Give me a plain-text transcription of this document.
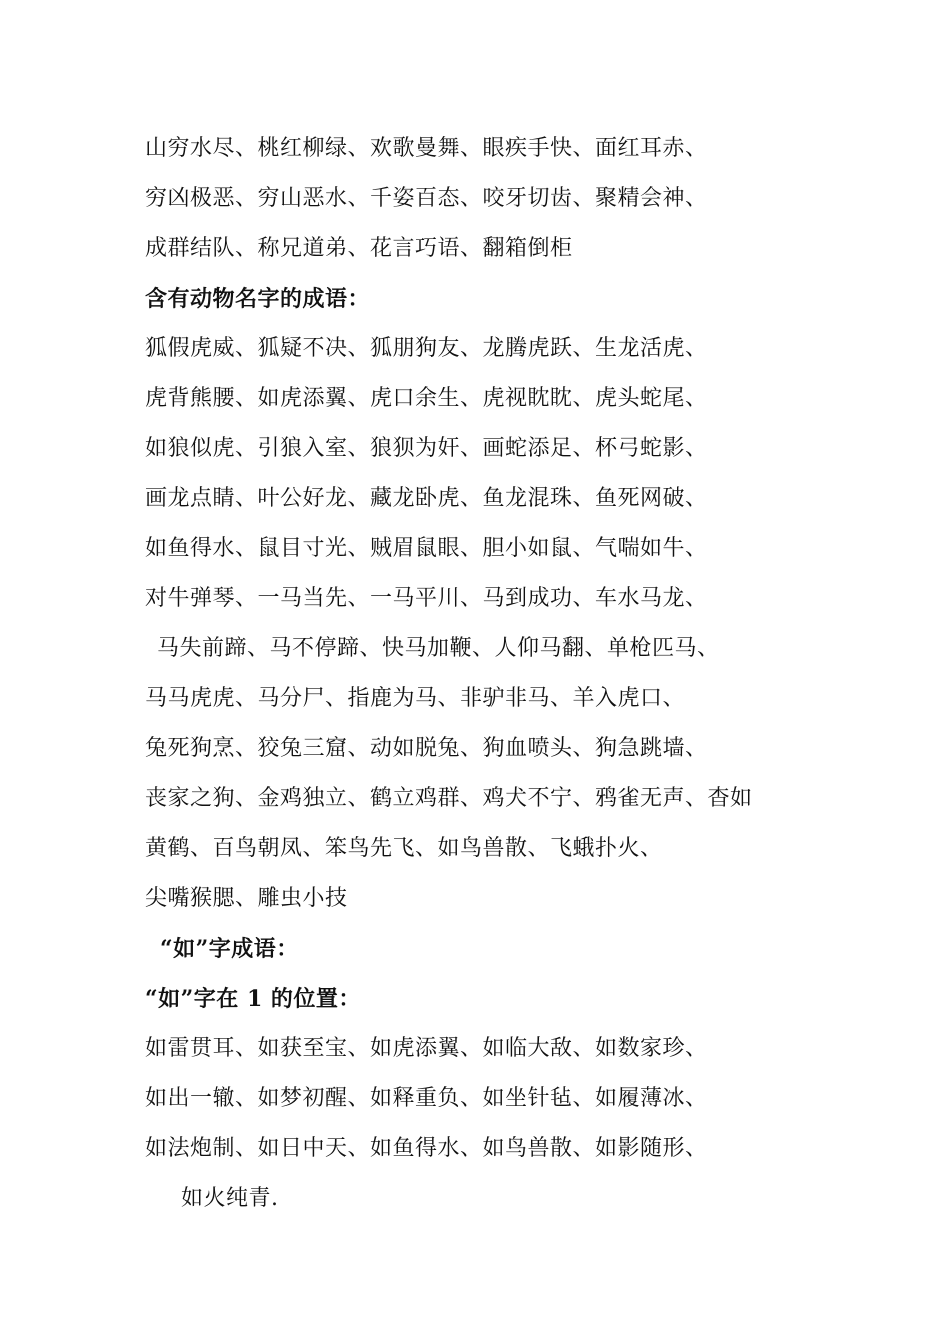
山穷水尽、桃红柳绿、欢歌曼舞、眼疾手快、面红耳赤、
穷凶极恶、穷山恶水、千姿百态、咬牙切齿、聚精会神、
成群结队、称兄道弟、花言巧语、翻箱倒柜
含有动物名字的成语：
狐假虎威、狐疑不决、狐朋狗友、龙腾虎跃、生龙活虎、
虎背熊腰、如虎添翼、虎口余生、虎视眈眈、虎头蛇尾、
如狼似虎、引狼入室、狼狈为奸、画蛇添足、杯弓蛇影、
画龙点睛、叶公好龙、藏龙卧虎、鱼龙混珠、鱼死网破、
如鱼得水、鼠目寸光、贼眉鼠眼、胆小如鼠、气喘如牛、
对牛弹琴、一马当先、一马平川、马到成功、车水马龙、
马失前蹄、马不停蹄、快马加鞭、人仰马翻、单枪匹马、
马马虎虎、马分尸、指鹿为马、非驴非马、羊入虎口、
兔死狗烹、狡兔三窟、动如脱兔、狗血喷头、狗急跳墙、
丧家之狗、金鸡独立、鹤立鸡群、鸡犬不宁、鸦雀无声、杳如
黄鹤、百鸟朝凤、笨鸟先飞、如鸟兽散、飞蛾扑火、
尖嘴猴腮、雕虫小技
“如”字成语：
“如”字在 1 的位置：
如雷贯耳、如获至宝、如虎添翼、如临大敌、如数家珍、
如出一辙、如梦初醒、如释重负、如坐针毡、如履薄冰、
如法炮制、如日中天、如鱼得水、如鸟兽散、如影随形、
如火纯青.
